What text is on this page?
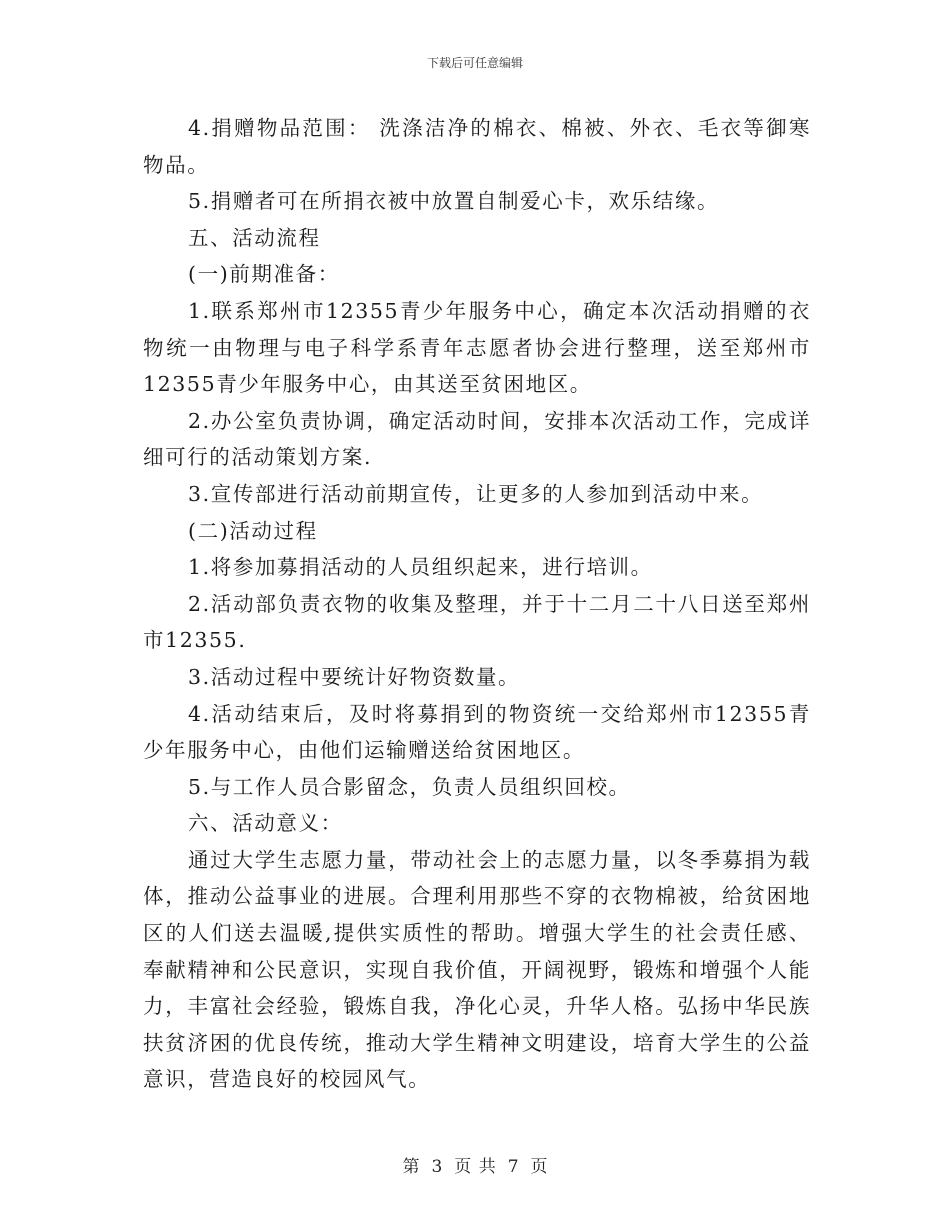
下载后可任意编辑

4.捐赠物品范围： 洗涤洁净的棉衣、棉被、外衣、毛衣等御寒物品。

5.捐赠者可在所捐衣被中放置自制爱心卡，欢乐结缘。

五、活动流程

(一)前期准备：

1.联系郑州市12355青少年服务中心，确定本次活动捐赠的衣物统一由物理与电子科学系青年志愿者协会进行整理，送至郑州市12355青少年服务中心，由其送至贫困地区。

2.办公室负责协调，确定活动时间，安排本次活动工作，完成详细可行的活动策划方案.

3.宣传部进行活动前期宣传，让更多的人参加到活动中来。

(二)活动过程

1.将参加募捐活动的人员组织起来，进行培训。

2.活动部负责衣物的收集及整理，并于十二月二十八日送至郑州市12355.

3.活动过程中要统计好物资数量。

4.活动结束后，及时将募捐到的物资统一交给郑州市12355青少年服务中心，由他们运输赠送给贫困地区。

5.与工作人员合影留念，负责人员组织回校。

六、活动意义：

通过大学生志愿力量，带动社会上的志愿力量，以冬季募捐为载体，推动公益事业的进展。合理利用那些不穿的衣物棉被，给贫困地区的人们送去温暖,提供实质性的帮助。增强大学生的社会责任感、奉献精神和公民意识，实现自我价值，开阔视野，锻炼和增强个人能力，丰富社会经验，锻炼自我，净化心灵，升华人格。弘扬中华民族扶贫济困的优良传统，推动大学生精神文明建设，培育大学生的公益意识，营造良好的校园风气。

第 3 页 共 7 页
